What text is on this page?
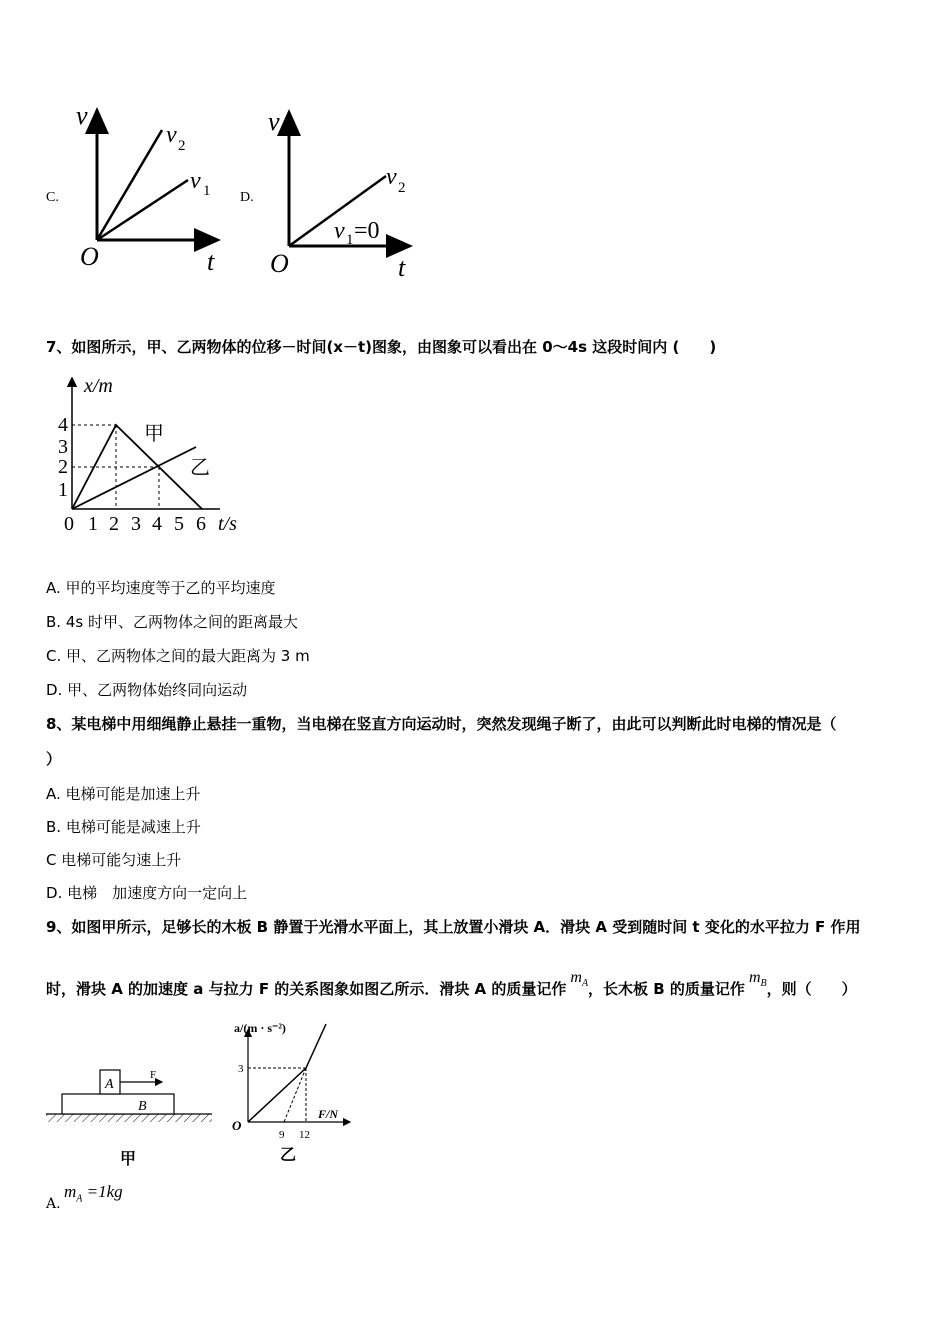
C.
v
O	t
v 2
v 1 D.
v
O	t
v 2
v 1 =0
7、如图所示，甲、乙两物体的位移－时间(x－t)图象，由图象可以看出在 0～4s 这段时间内 (　　)
x/m
4
3
2
1
0 1 2 3 4 5 6 t/s
甲
乙
A. 甲的平均速度等于乙的平均速度
B. 4s 时甲、乙两物体之间的距离最大
C. 甲、乙两物体之间的最大距离为 3 m
D. 甲、乙两物体始终同向运动
8、某电梯中用细绳静止悬挂一重物，当电梯在竖直方向运动时，突然发现绳子断了，由此可以判断此时电梯的情况是（
）
A. 电梯可能是加速上升
B. 电梯可能是减速上升
C 电梯可能匀速上升
D. 电梯　加速度方向一定向上
9、如图甲所示，足够长的木板 B 静置于光滑水平面上，其上放置小滑块 A．滑块 A 受到随时间 t 变化的水平拉力 F 作用
时，滑块 A 的加速度 a 与拉力 F 的关系图象如图乙所示．滑块 A 的质量记作$m_A$，长木板 B 的质量记作$m_B$，则（　　）
A
B
F
甲
a/(m · s⁻²)
F/N
O
3
9 12
乙
A.
$m_A =1kg$
